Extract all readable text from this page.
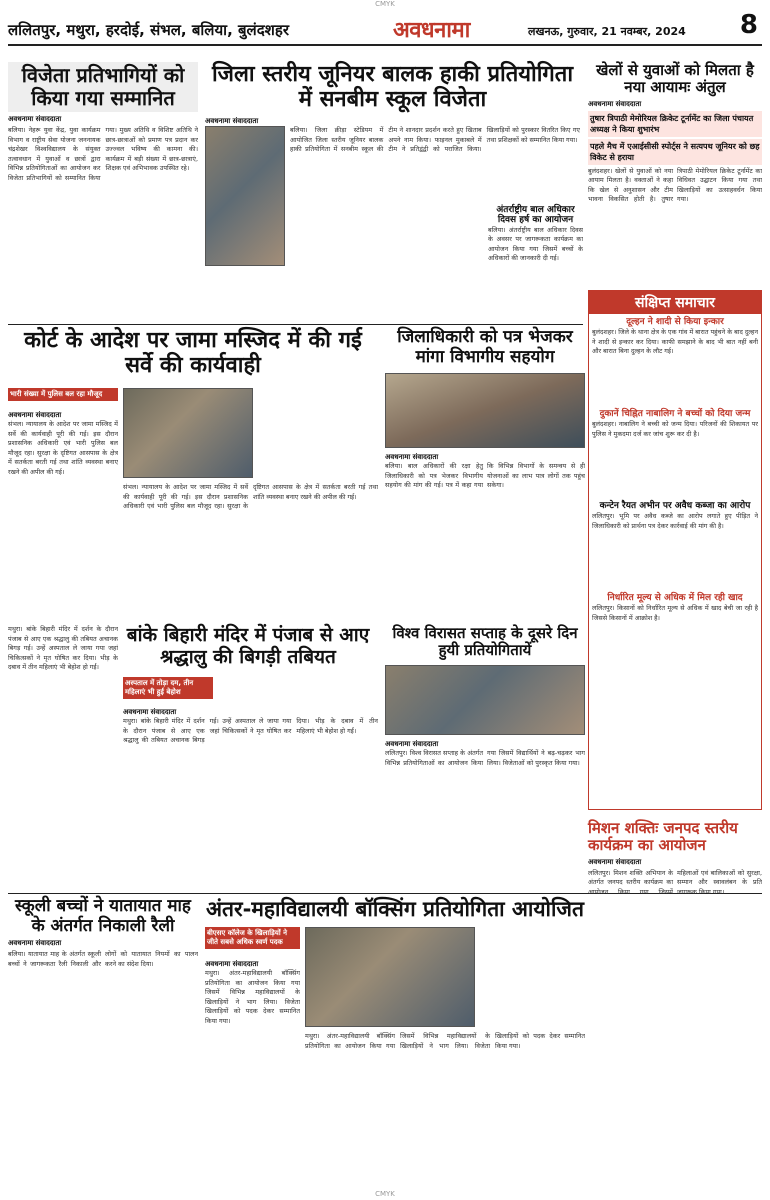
CMYK
ललितपुर, मथुरा, हरदोई, संभल, बलिया, बुलंदशहर	अवधनामा	लखनऊ, गुरुवार, 21 नवम्बर, 2024	8
विजेता प्रतिभागियों को किया गया सम्मानित
अवधनामा संवाददाता
बलिया। नेहरू युवा केंद्र, युवा कार्यक्रम विभाग व राष्ट्रीय सेवा योजना जननायक चंद्रशेखर विश्वविद्यालय के संयुक्त तत्वावधान में युवाओं व छात्रों द्वारा विभिन्न प्रतियोगिताओं का आयोजन कर विजेता प्रतिभागियों को सम्मानित किया गया। मुख्य अतिथि व विशिष्ट अतिथि ने छात्र-छात्राओं को प्रमाण पत्र प्रदान कर उज्ज्वल भविष्य की कामना की। कार्यक्रम में बड़ी संख्या में छात्र-छात्राएं, शिक्षक एवं अभिभावक उपस्थित रहे।
जिला स्तरीय जूनियर बालक हाकी प्रतियोगिता में सनबीम स्कूल विजेता
अवधनामा संवाददाता
बलिया। जिला क्रीड़ा स्टेडियम में आयोजित जिला स्तरीय जूनियर बालक हाकी प्रतियोगिता में सनबीम स्कूल की टीम ने शानदार प्रदर्शन करते हुए खिताब अपने नाम किया। फाइनल मुकाबले में टीम ने प्रतिद्वंद्वी को पराजित किया। खिलाड़ियों को पुरस्कार वितरित किए गए तथा प्रशिक्षकों को सम्मानित किया गया।
खेलों से युवाओं को मिलता है नया आयामः अंतुल
अवधनामा संवाददाता
तुषार त्रिपाठी मेमोरियल क्रिकेट टूर्नामेंट का जिला पंचायत अध्यक्ष ने किया शुभारंभ
पहले मैच में एआईसीसी स्पोर्ट्स ने सत्यपथ जूनियर को छह विकेट से हराया
बुलंदशहर। खेलों से युवाओं को नया आयाम मिलता है। वक्ताओं ने कहा कि खेल से अनुशासन और टीम भावना विकसित होती है। तुषार त्रिपाठी मेमोरियल क्रिकेट टूर्नामेंट का विधिवत उद्घाटन किया गया तथा खिलाड़ियों का उत्साहवर्धन किया गया।
कोर्ट के आदेश पर जामा मस्जिद में की गई सर्वे की कार्यवाही
भारी संख्या में पुलिस बल रहा मौजूद
अवधनामा संवाददाता
संभल। न्यायालय के आदेश पर जामा मस्जिद में सर्वे की कार्यवाही पूरी की गई। इस दौरान प्रशासनिक अधिकारी एवं भारी पुलिस बल मौजूद रहा। सुरक्षा के दृष्टिगत आसपास के क्षेत्र में सतर्कता बरती गई तथा शांति व्यवस्था बनाए रखने की अपील की गई।
संभल। न्यायालय के आदेश पर जामा मस्जिद में सर्वे की कार्यवाही पूरी की गई। इस दौरान प्रशासनिक अधिकारी एवं भारी पुलिस बल मौजूद रहा। सुरक्षा के दृष्टिगत आसपास के क्षेत्र में सतर्कता बरती गई तथा शांति व्यवस्था बनाए रखने की अपील की गई।
जिलाधिकारी को पत्र भेजकर मांगा विभागीय सहयोग
अवधनामा संवाददाता
बलिया। बाल अधिकारों की रक्षा हेतु जिलाधिकारी को पत्र भेजकर विभागीय सहयोग की मांग की गई। पत्र में कहा गया कि विभिन्न विभागों के समन्वय से ही योजनाओं का लाभ पात्र लोगों तक पहुंच सकेगा।
अंतर्राष्ट्रीय बाल अधिकार दिवस हर्ष का आयोजन
बलिया। अंतर्राष्ट्रीय बाल अधिकार दिवस के अवसर पर जागरूकता कार्यक्रम का आयोजन किया गया जिसमें बच्चों के अधिकारों की जानकारी दी गई।
संक्षिप्त समाचार
दूल्हन ने शादी से किया इन्कार
बुलंदशहर। जिले के थाना क्षेत्र के एक गांव में बारात पहुंचने के बाद दुल्हन ने शादी से इन्कार कर दिया। काफी समझाने के बाद भी बात नहीं बनी और बारात बिना दुल्हन के लौट गई।
दुकानें चिह्नित नाबालिग ने बच्चों को दिया जन्म
बुलंदशहर। नाबालिग ने बच्ची को जन्म दिया। परिजनों की शिकायत पर पुलिस ने मुकदमा दर्ज कर जांच शुरू कर दी है।
कन्टेन रैयत अभीन पर अवैध कब्जा का आरोप
ललितपुर। भूमि पर अवैध कब्जे का आरोप लगाते हुए पीड़ित ने जिलाधिकारी को प्रार्थना पत्र देकर कार्रवाई की मांग की है।
निर्धारित मूल्य से अधिक में मिल रही खाद
ललितपुर। किसानों को निर्धारित मूल्य से अधिक में खाद बेची जा रही है जिससे किसानों में आक्रोश है।
बांके बिहारी मंदिर में पंजाब से आए श्रद्धालु की बिगड़ी तबियत
मथुरा। बांके बिहारी मंदिर में दर्शन के दौरान पंजाब से आए एक श्रद्धालु की तबियत अचानक बिगड़ गई। उन्हें अस्पताल ले जाया गया जहां चिकित्सकों ने मृत घोषित कर दिया। भीड़ के दबाव में तीन महिलाएं भी बेहोश हो गईं।
अस्पताल में तोड़ा दम, तीन महिलाएं भी हुई बेहोश
अवधनामा संवाददाता
मथुरा। बांके बिहारी मंदिर में दर्शन के दौरान पंजाब से आए एक श्रद्धालु की तबियत अचानक बिगड़ गई। उन्हें अस्पताल ले जाया गया जहां चिकित्सकों ने मृत घोषित कर दिया। भीड़ के दबाव में तीन महिलाएं भी बेहोश हो गईं।
विश्व विरासत सप्ताह के दूसरे दिन हुयी प्रतियोगितायें
अवधनामा संवाददाता
ललितपुर। विश्व विरासत सप्ताह के अंतर्गत विभिन्न प्रतियोगिताओं का आयोजन किया गया जिसमें विद्यार्थियों ने बढ़-चढ़कर भाग लिया। विजेताओं को पुरस्कृत किया गया।
स्कूली बच्चों ने यातायात माह के अंतर्गत निकाली रैली
अवधनामा संवाददाता
बलिया। यातायात माह के अंतर्गत स्कूली बच्चों ने जागरूकता रैली निकाली और लोगों को यातायात नियमों का पालन करने का संदेश दिया।
अंतर-महाविद्यालयी बॉक्सिंग प्रतियोगिता आयोजित
बीएसए कॉलेज के खिलाड़ियों ने जीते सबसे अधिक स्वर्ण पदक
अवधनामा संवाददाता
मथुरा। अंतर-महाविद्यालयी बॉक्सिंग प्रतियोगिता का आयोजन किया गया जिसमें विभिन्न महाविद्यालयों के खिलाड़ियों ने भाग लिया। विजेता खिलाड़ियों को पदक देकर सम्मानित किया गया।
मथुरा। अंतर-महाविद्यालयी बॉक्सिंग प्रतियोगिता का आयोजन किया गया जिसमें विभिन्न महाविद्यालयों के खिलाड़ियों ने भाग लिया। विजेता खिलाड़ियों को पदक देकर सम्मानित किया गया।
मिशन शक्तिः जनपद स्तरीय कार्यक्रम का आयोजन
अवधनामा संवाददाता
ललितपुर। मिशन शक्ति अभियान के अंतर्गत जनपद स्तरीय कार्यक्रम का आयोजन किया गया जिसमें महिलाओं एवं बालिकाओं को सुरक्षा, सम्मान और स्वावलंबन के प्रति जागरूक किया गया।
CMYK
